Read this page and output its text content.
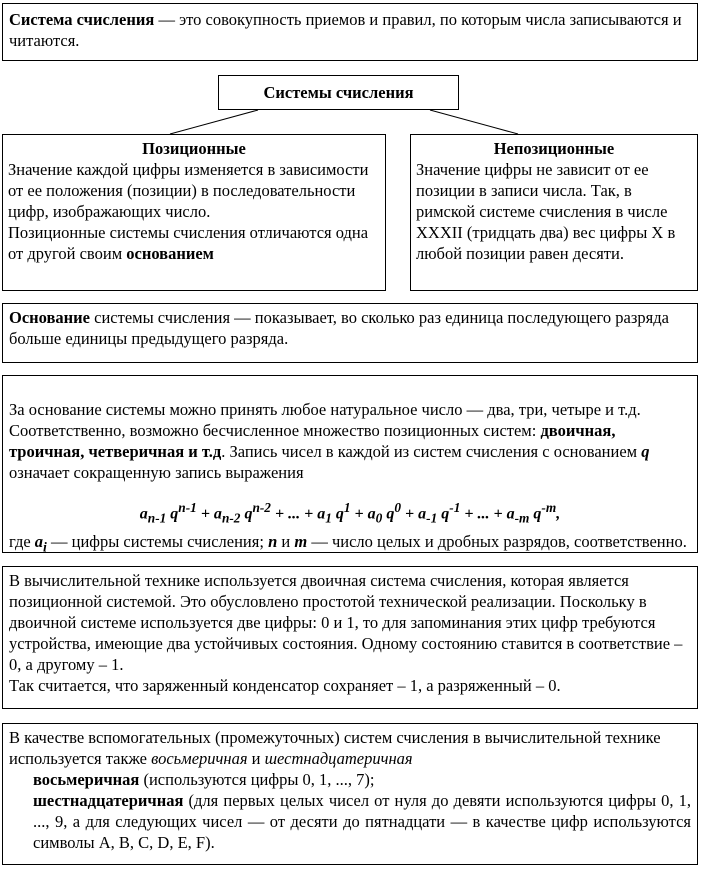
Система счисления — это совокупность приемов и правил, по которым числа записываются и читаются.
Системы счисления
Позиционные

Значение каждой цифры изменяется в зависимости от ее положения (позиции) в последовательности цифр, изображающих число.

Позиционные системы счисления отличаются одна от другой своим основанием

Непозиционные

Значение цифры не зависит от ее позиции в записи числа. Так, в римской системе счисления в числе XXXII (тридцать два) вес цифры X в любой позиции равен десяти.

Основание системы счисления — показывает, во сколько раз единица последующего разряда больше единицы предыдущего разряда.

За основание системы можно принять любое натуральное число — два, три, четыре и т.д. Соответственно, возможно бесчисленное множество позиционных систем: двоичная, троичная, четверичная и т.д. Запись чисел в каждой из систем счисления с основанием q означает сокращенную запись выражения

$a_{n-1}$ $q^{n-1} + a_{n-2}$ $q^{n-2}$ + ... + $a_1$ $q^1 + a_0$ $q^0 + a_{-1}$ $q^{-1}$ + ... + $a_{-m}$ $q^{-m}$,

где $a_i$ — цифры системы счисления; n и m — число целых и дробных разрядов, соответственно.

В вычислительной технике используется двоичная система счисления, которая является позиционной системой. Это обусловлено простотой технической реализации. Поскольку в двоичной системе используется две цифры: 0 и 1, то для запоминания этих цифр требуются устройства, имеющие два устойчивых состояния. Одному состоянию ставится в соответствие – 0, а другому – 1.

Так считается, что заряженный конденсатор сохраняет – 1, а разряженный – 0.

В качестве вспомогательных (промежуточных) систем счисления в вычислительной технике используется также восьмеричная и шестнадцатеричная

восьмеричная (используются цифры 0, 1, ..., 7);

шестнадцатеричная (для первых целых чисел от нуля до девяти используются цифры 0, 1, ..., 9, а для следующих чисел — от десяти до пятнадцати — в качестве цифр используются символы A, B, C, D, E, F).
